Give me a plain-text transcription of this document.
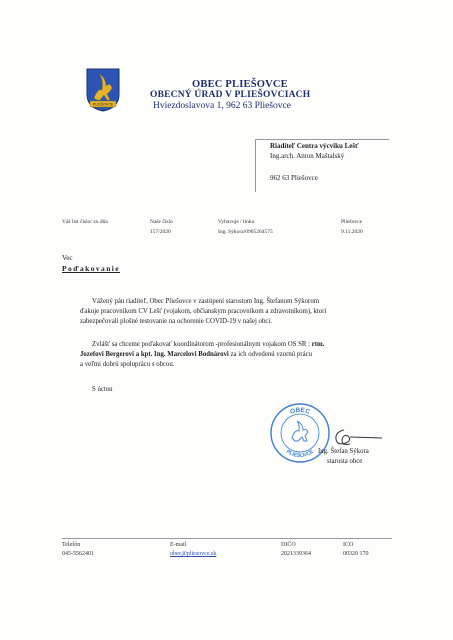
PLIEŠOVCE
OBEC PLIEŠOVCE
OBECNÝ ÚRAD V PLIEŠOVCIACH
Hviezdoslavova 1, 962 63 Pliešovce
Riaditeľ Centra výcviku Lešť
Ing.arch. Anton Maštalský
962 63 Pliešovce
Váš list číslo/ zo dňa	Naše číslo
157/2020
Vybavuje / linka
Ing. Sýkora/0905264575
Pliešovce
9.11.2020
Vec
Poďakovanie
Vážený pán riaditeľ, Obec Pliešovce v zastúpení starostom Ing. Štefanom Sýkorom
ďakuje pracovníkom CV Lešť (vojakom, občianskym pracovníkom a zdravotníkom), ktorí
zabezpečovali plošné testovanie na ochorenie COVID-19 v našej obci.
Zvlášť sa chceme poďakovať koordinátorom -profesionálnym vojakom OS SR : rtm.
Jozefovi Bergerovi a kpt. Ing. Marcelovi Bodnárovi za ich odvedenú vzornú prácu
a veľmi dobrú spoluprácu s obcou.
S úctou
OBEC
PLIEŠOVCE Ing. Štefan Sýkora
starosta obce
Telefón
045-5562401
E-mail
obec@pliesovce.sk
DIČO
2021339364
ICO
00320 170
